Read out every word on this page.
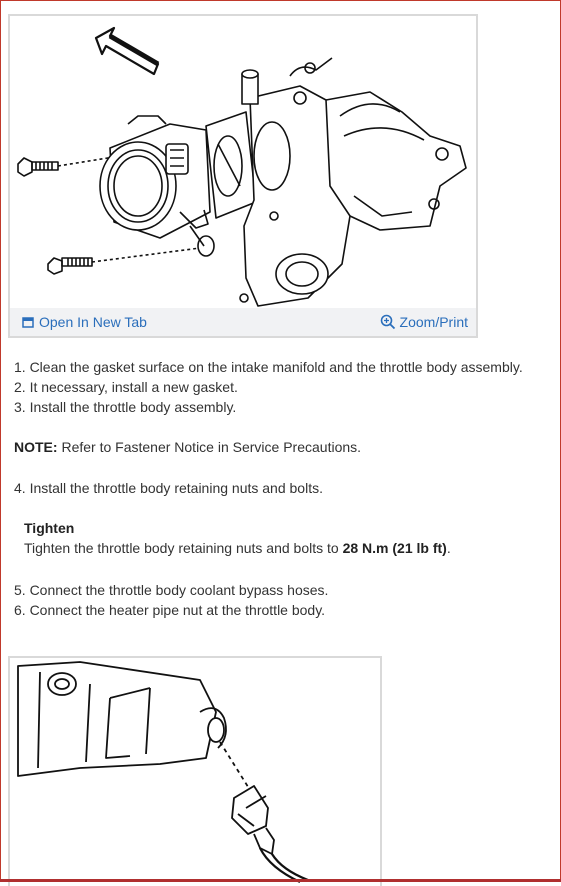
Open In New Tab	Zoom/Print
1. Clean the gasket surface on the intake manifold and the throttle body assembly.
2. It necessary, install a new gasket.
3. Install the throttle body assembly.
NOTE: Refer to Fastener Notice in Service Precautions.
4. Install the throttle body retaining nuts and bolts.
Tighten
Tighten the throttle body retaining nuts and bolts to 28 N.m (21 lb ft).
5. Connect the throttle body coolant bypass hoses.
6. Connect the heater pipe nut at the throttle body.
